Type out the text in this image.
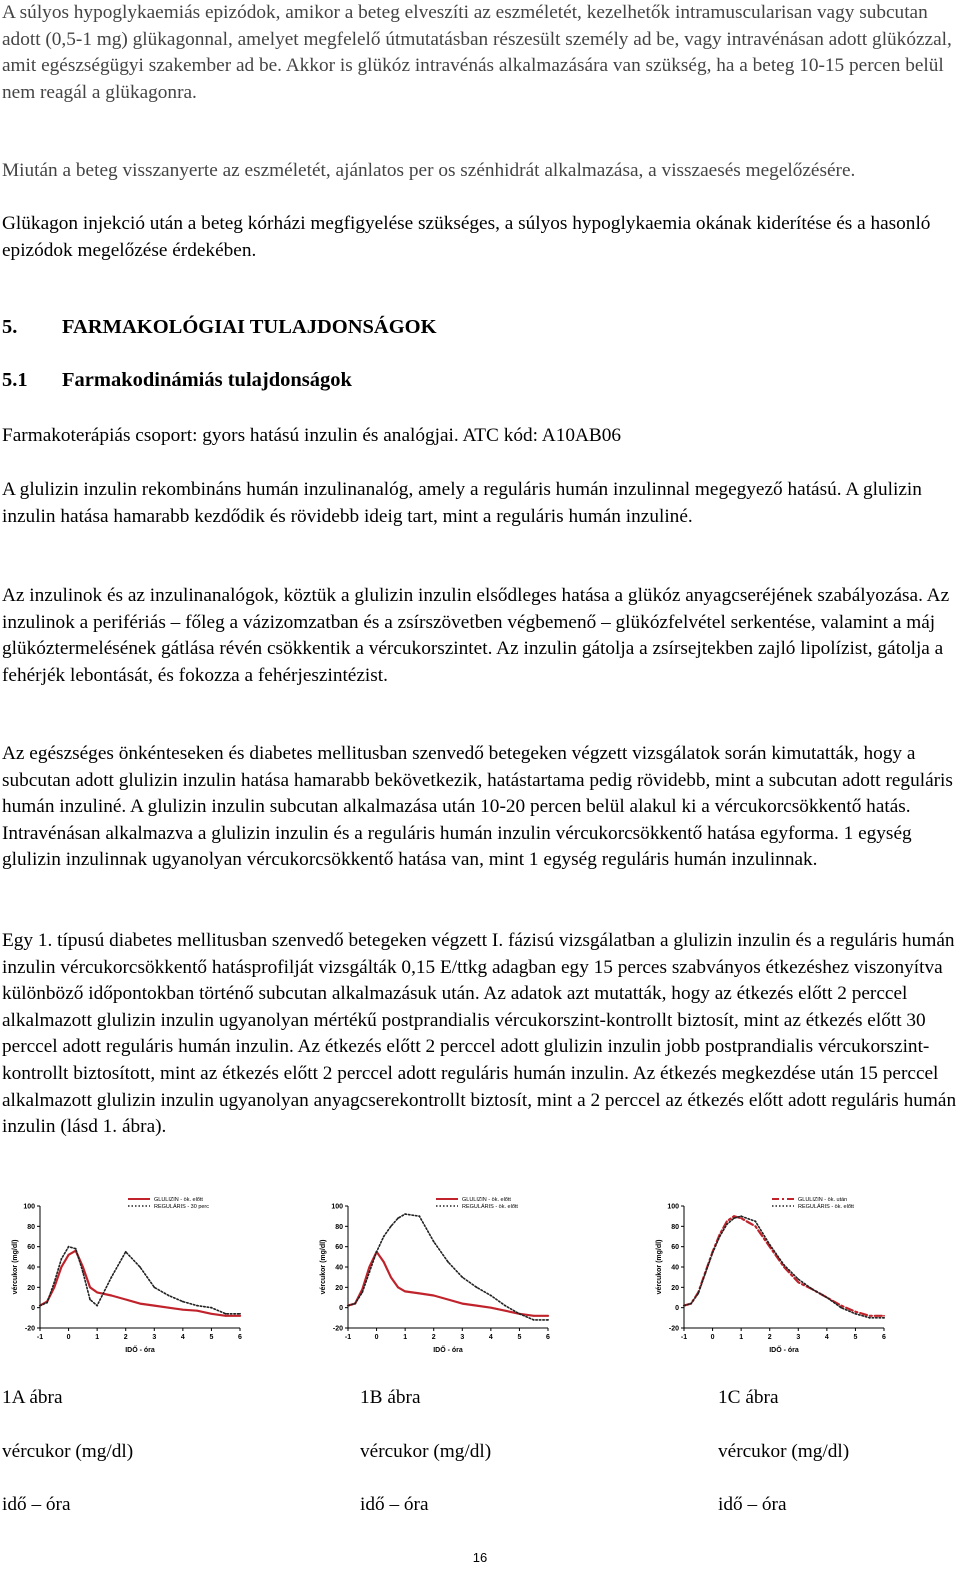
A súlyos hypoglykaemiás epizódok, amikor a beteg elveszíti az eszméletét, kezelhetők intramuscularisan vagy subcutan adott (0,5-1 mg) glükagonnal, amelyet megfelelő útmutatásban részesült személy ad be, vagy intravénásan adott glükózzal, amit egészségügyi szakember ad be. Akkor is glükóz intravénás alkalmazására van szükség, ha a beteg 10-15 percen belül nem reagál a glükagonra.

Miután a beteg visszanyerte az eszméletét, ajánlatos per os szénhidrát alkalmazása, a visszaesés megelőzésére.

Glükagon injekció után a beteg kórházi megfigyelése szükséges, a súlyos hypoglykaemia okának kiderítése és a hasonló epizódok megelőzése érdekében.

5. FARMAKOLÓGIAI TULAJDONSÁGOK
5.1 Farmakodinámiás tulajdonságok

Farmakoterápiás csoport: gyors hatású inzulin és analógjai. ATC kód: A10AB06

A glulizin inzulin rekombináns humán inzulinanalóg, amely a reguláris humán inzulinnal megegyező hatású. A glulizin inzulin hatása hamarabb kezdődik és rövidebb ideig tart, mint a reguláris humán inzuliné.

Az inzulinok és az inzulinanalógok, köztük a glulizin inzulin elsődleges hatása a glükóz anyagcseréjének szabályozása. Az inzulinok a perifériás – főleg a vázizomzatban és a zsírszövetben végbemenő – glükózfelvétel serkentése, valamint a máj glükóztermelésének gátlása révén csökkentik a vércukorszintet. Az inzulin gátolja a zsírsejtekben zajló lipolízist, gátolja a fehérjék lebontását, és fokozza a fehérjeszintézist.

Az egészséges önkénteseken és diabetes mellitusban szenvedő betegeken végzett vizsgálatok során kimutatták, hogy a subcutan adott glulizin inzulin hatása hamarabb bekövetkezik, hatástartama pedig rövidebb, mint a subcutan adott reguláris humán inzuliné. A glulizin inzulin subcutan alkalmazása után 10-20 percen belül alakul ki a vércukorcsökkentő hatás. Intravénásan alkalmazva a glulizin inzulin és a reguláris humán inzulin vércukorcsökkentő hatása egyforma. 1 egység glulizin inzulinnak ugyanolyan vércukorcsökkentő hatása van, mint 1 egység reguláris humán inzulinnak.

Egy 1. típusú diabetes mellitusban szenvedő betegeken végzett I. fázisú vizsgálatban a glulizin inzulin és a reguláris humán inzulin vércukorcsökkentő hatásprofilját vizsgálták 0,15 E/ttkg adagban egy 15 perces szabványos étkezéshez viszonyítva különböző időpontokban történő subcutan alkalmazásuk után. Az adatok azt mutatták, hogy az étkezés előtt 2 perccel alkalmazott glulizin inzulin ugyanolyan mértékű postprandialis vércukorszint-kontrollt biztosít, mint az étkezés előtt 30 perccel adott reguláris humán inzulin. Az étkezés előtt 2 perccel adott glulizin inzulin jobb postprandialis vércukorszint-kontrollt biztosított, mint az étkezés előtt 2 perccel adott reguláris humán inzulin. Az étkezés megkezdése után 15 perccel alkalmazott glulizin inzulin ugyanolyan anyagcserekontrollt biztosít, mint a 2 perccel az étkezés előtt adott reguláris humán inzulin (lásd 1. ábra).

100
80
60
40
20
0
-20
-1	0	1	2	3	4	5	6
vércukor (mg/dl)
IDŐ - óra
GLULIZIN - ök. előtt
REGULÁRIS - 30 perc	100
80
60
40
20
0
-20
-1	0	1	2	3	4	5	6
vércukor (mg/dl)
IDŐ - óra
GLULIZIN - ök. előtt
REGULÁRIS - ök. előtt	100
80
60
40
20
0
-20
-1	0	1	2	3	4	5	6
vércukor (mg/dl)
IDŐ - óra
GLULIZIN - ök. után
REGULÁRIS - ök. előtt
1A ábra	1B ábra	1C ábra
vércukor (mg/dl)	vércukor (mg/dl)	vércukor (mg/dl)
idő – óra	idő – óra	idő – óra
16
